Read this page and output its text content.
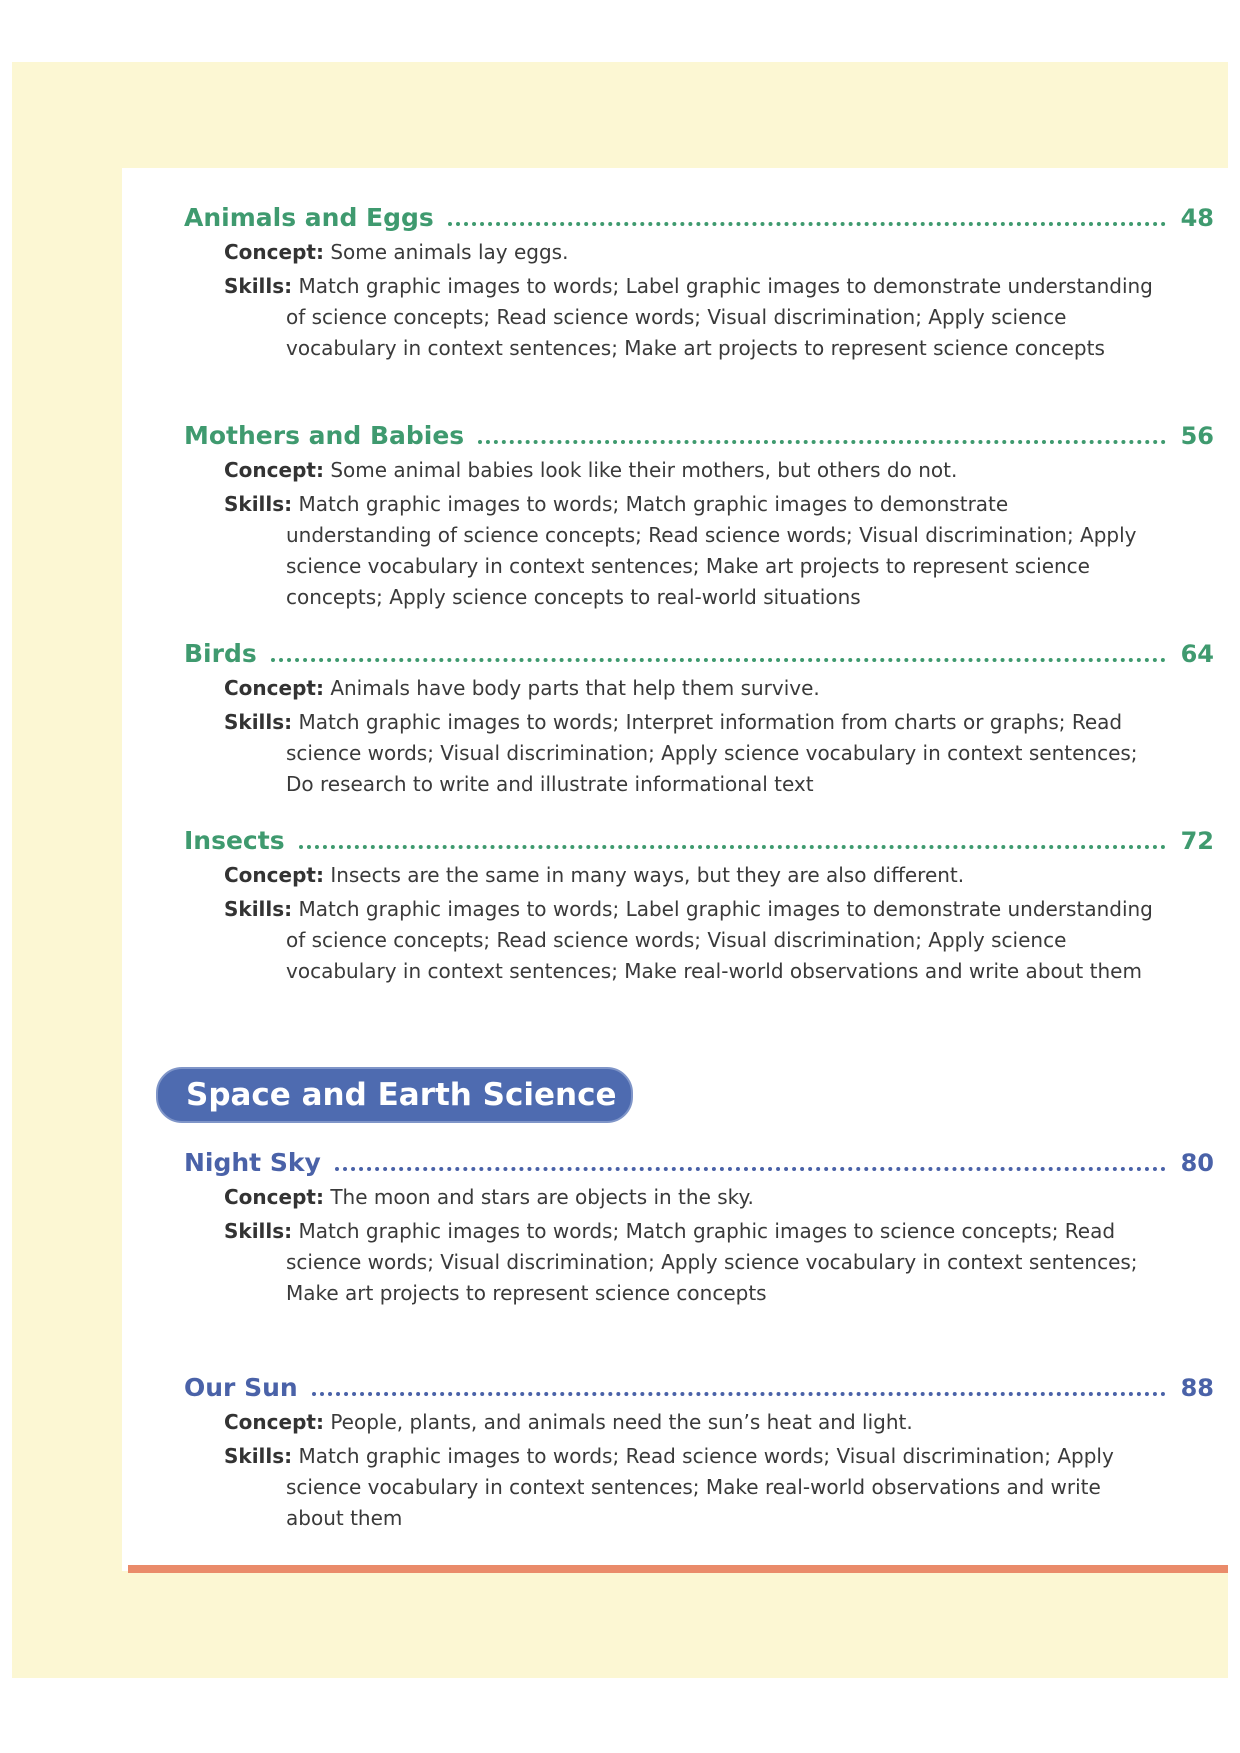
Animals and Eggs	48
Concept: Some animals lay eggs.
Skills: Match graphic images to words; Label graphic images to demonstrate understanding of science concepts; Read science words; Visual discrimination; Apply science vocabulary in context sentences; Make art projects to represent science concepts
Mothers and Babies	56
Concept: Some animal babies look like their mothers, but others do not.
Skills: Match graphic images to words; Match graphic images to demonstrate understanding of science concepts; Read science words; Visual discrimination; Apply science vocabulary in context sentences; Make art projects to represent science concepts; Apply science concepts to real-world situations
Birds	64
Concept: Animals have body parts that help them survive.
Skills: Match graphic images to words; Interpret information from charts or graphs; Read science words; Visual discrimination; Apply science vocabulary in context sentences; Do research to write and illustrate informational text
Insects	72
Concept: Insects are the same in many ways, but they are also different.
Skills: Match graphic images to words; Label graphic images to demonstrate understanding of science concepts; Read science words; Visual discrimination; Apply science vocabulary in context sentences; Make real-world observations and write about them
Space and Earth Science
Night Sky	80
Concept: The moon and stars are objects in the sky.
Skills: Match graphic images to words; Match graphic images to science concepts; Read science words; Visual discrimination; Apply science vocabulary in context sentences; Make art projects to represent science concepts
Our Sun	88
Concept: People, plants, and animals need the sun’s heat and light.
Skills: Match graphic images to words; Read science words; Visual discrimination; Apply science vocabulary in context sentences; Make real-world observations and write about them
